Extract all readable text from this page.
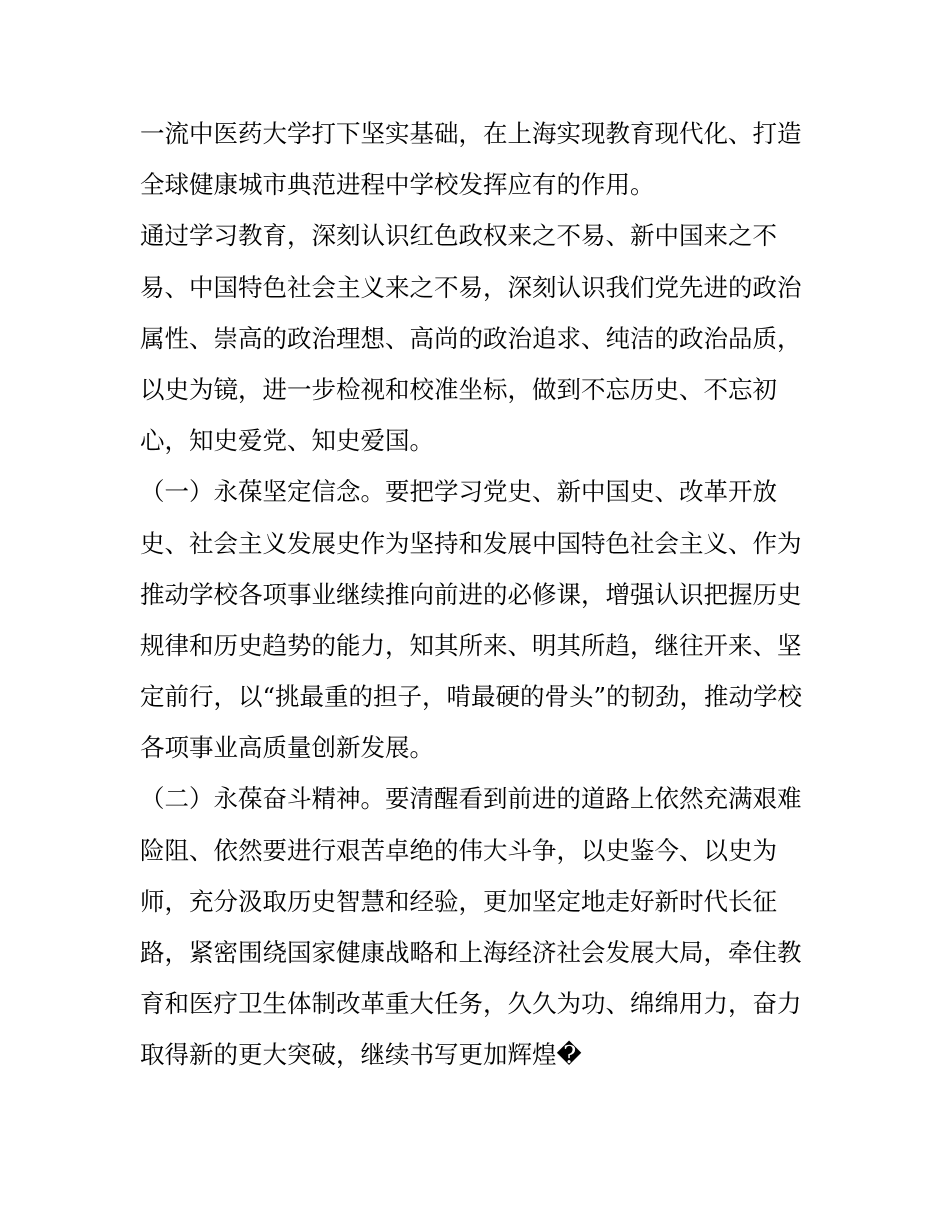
一流中医药大学打下坚实基础，在上海实现教育现代化、打造
全球健康城市典范进程中学校发挥应有的作用。
通过学习教育，深刻认识红色政权来之不易、新中国来之不
易、中国特色社会主义来之不易，深刻认识我们党先进的政治
属性、崇高的政治理想、高尚的政治追求、纯洁的政治品质，
以史为镜，进一步检视和校准坐标，做到不忘历史、不忘初
心，知史爱党、知史爱国。
（一）永葆坚定信念。要把学习党史、新中国史、改革开放
史、社会主义发展史作为坚持和发展中国特色社会主义、作为
推动学校各项事业继续推向前进的必修课，增强认识把握历史
规律和历史趋势的能力，知其所来、明其所趋，继往开来、坚
定前行，以“挑最重的担子，啃最硬的骨头”的韧劲，推动学校
各项事业高质量创新发展。
（二）永葆奋斗精神。要清醒看到前进的道路上依然充满艰难
险阻、依然要进行艰苦卓绝的伟大斗争，以史鉴今、以史为
师，充分汲取历史智慧和经验，更加坚定地走好新时代长征
路，紧密围绕国家健康战略和上海经济社会发展大局，牵住教
育和医疗卫生体制改革重大任务，久久为功、绵绵用力，奋力
取得新的更大突破，继续书写更加辉煌�
